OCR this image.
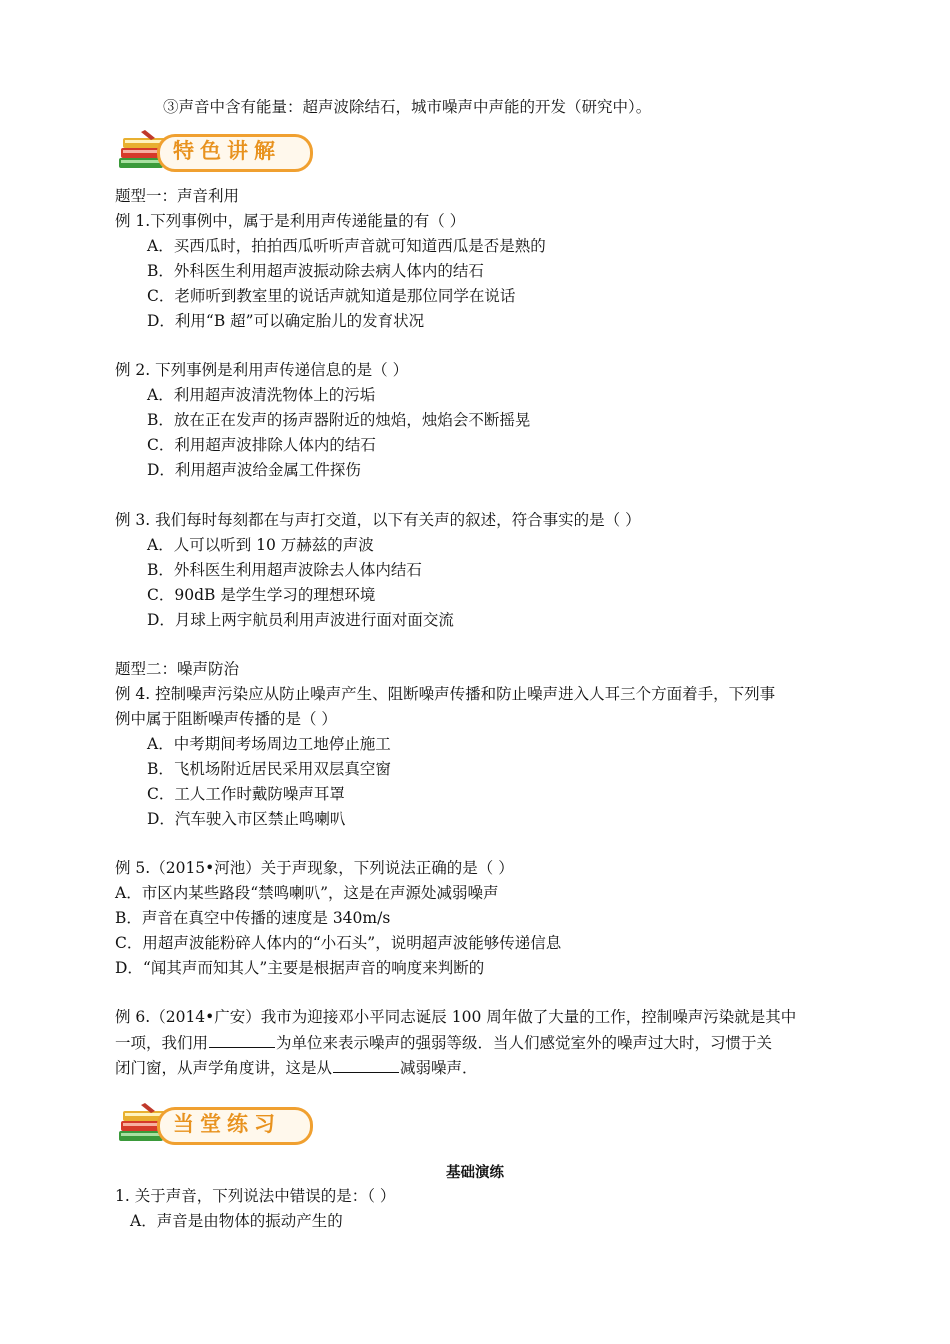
③声音中含有能量：超声波除结石，城市噪声中声能的开发（研究中）。
特色讲解
题型一：声音利用
例 1.下列事例中，属于是利用声传递能量的有（ ）
A．买西瓜时，拍拍西瓜听听声音就可知道西瓜是否是熟的
B．外科医生利用超声波振动除去病人体内的结石
C．老师听到教室里的说话声就知道是那位同学在说话
D．利用“B 超”可以确定胎儿的发育状况
例 2. 下列事例是利用声传递信息的是（ ）
A．利用超声波清洗物体上的污垢
B．放在正在发声的扬声器附近的烛焰，烛焰会不断摇晃
C．利用超声波排除人体内的结石
D．利用超声波给金属工件探伤
例 3. 我们每时每刻都在与声打交道，以下有关声的叙述，符合事实的是（ ）
A．人可以听到 10 万赫兹的声波
B．外科医生利用超声波除去人体内结石
C．90dB 是学生学习的理想环境
D．月球上两宇航员利用声波进行面对面交流
题型二：噪声防治
例 4. 控制噪声污染应从防止噪声产生、阻断噪声传播和防止噪声进入人耳三个方面着手，下列事
例中属于阻断噪声传播的是（ ）
A．中考期间考场周边工地停止施工
B．飞机场附近居民采用双层真空窗
C．工人工作时戴防噪声耳罩
D．汽车驶入市区禁止鸣喇叭
例 5.（2015•河池）关于声现象，下列说法正确的是（ ）
A．市区内某些路段“禁鸣喇叭”，这是在声源处减弱噪声
B．声音在真空中传播的速度是 340m/s
C．用超声波能粉碎人体内的“小石头”，说明超声波能够传递信息
D．“闻其声而知其人”主要是根据声音的响度来判断的
例 6.（2014•广安）我市为迎接邓小平同志诞辰 100 周年做了大量的工作，控制噪声污染就是其中
一项，我们用	为单位来表示噪声的强弱等级．当人们感觉室外的噪声过大时，习惯于关
闭门窗，从声学角度讲，这是从	减弱噪声．
当堂练习
基础演练
1. 关于声音，下列说法中错误的是：（ ）
A．声音是由物体的振动产生的
